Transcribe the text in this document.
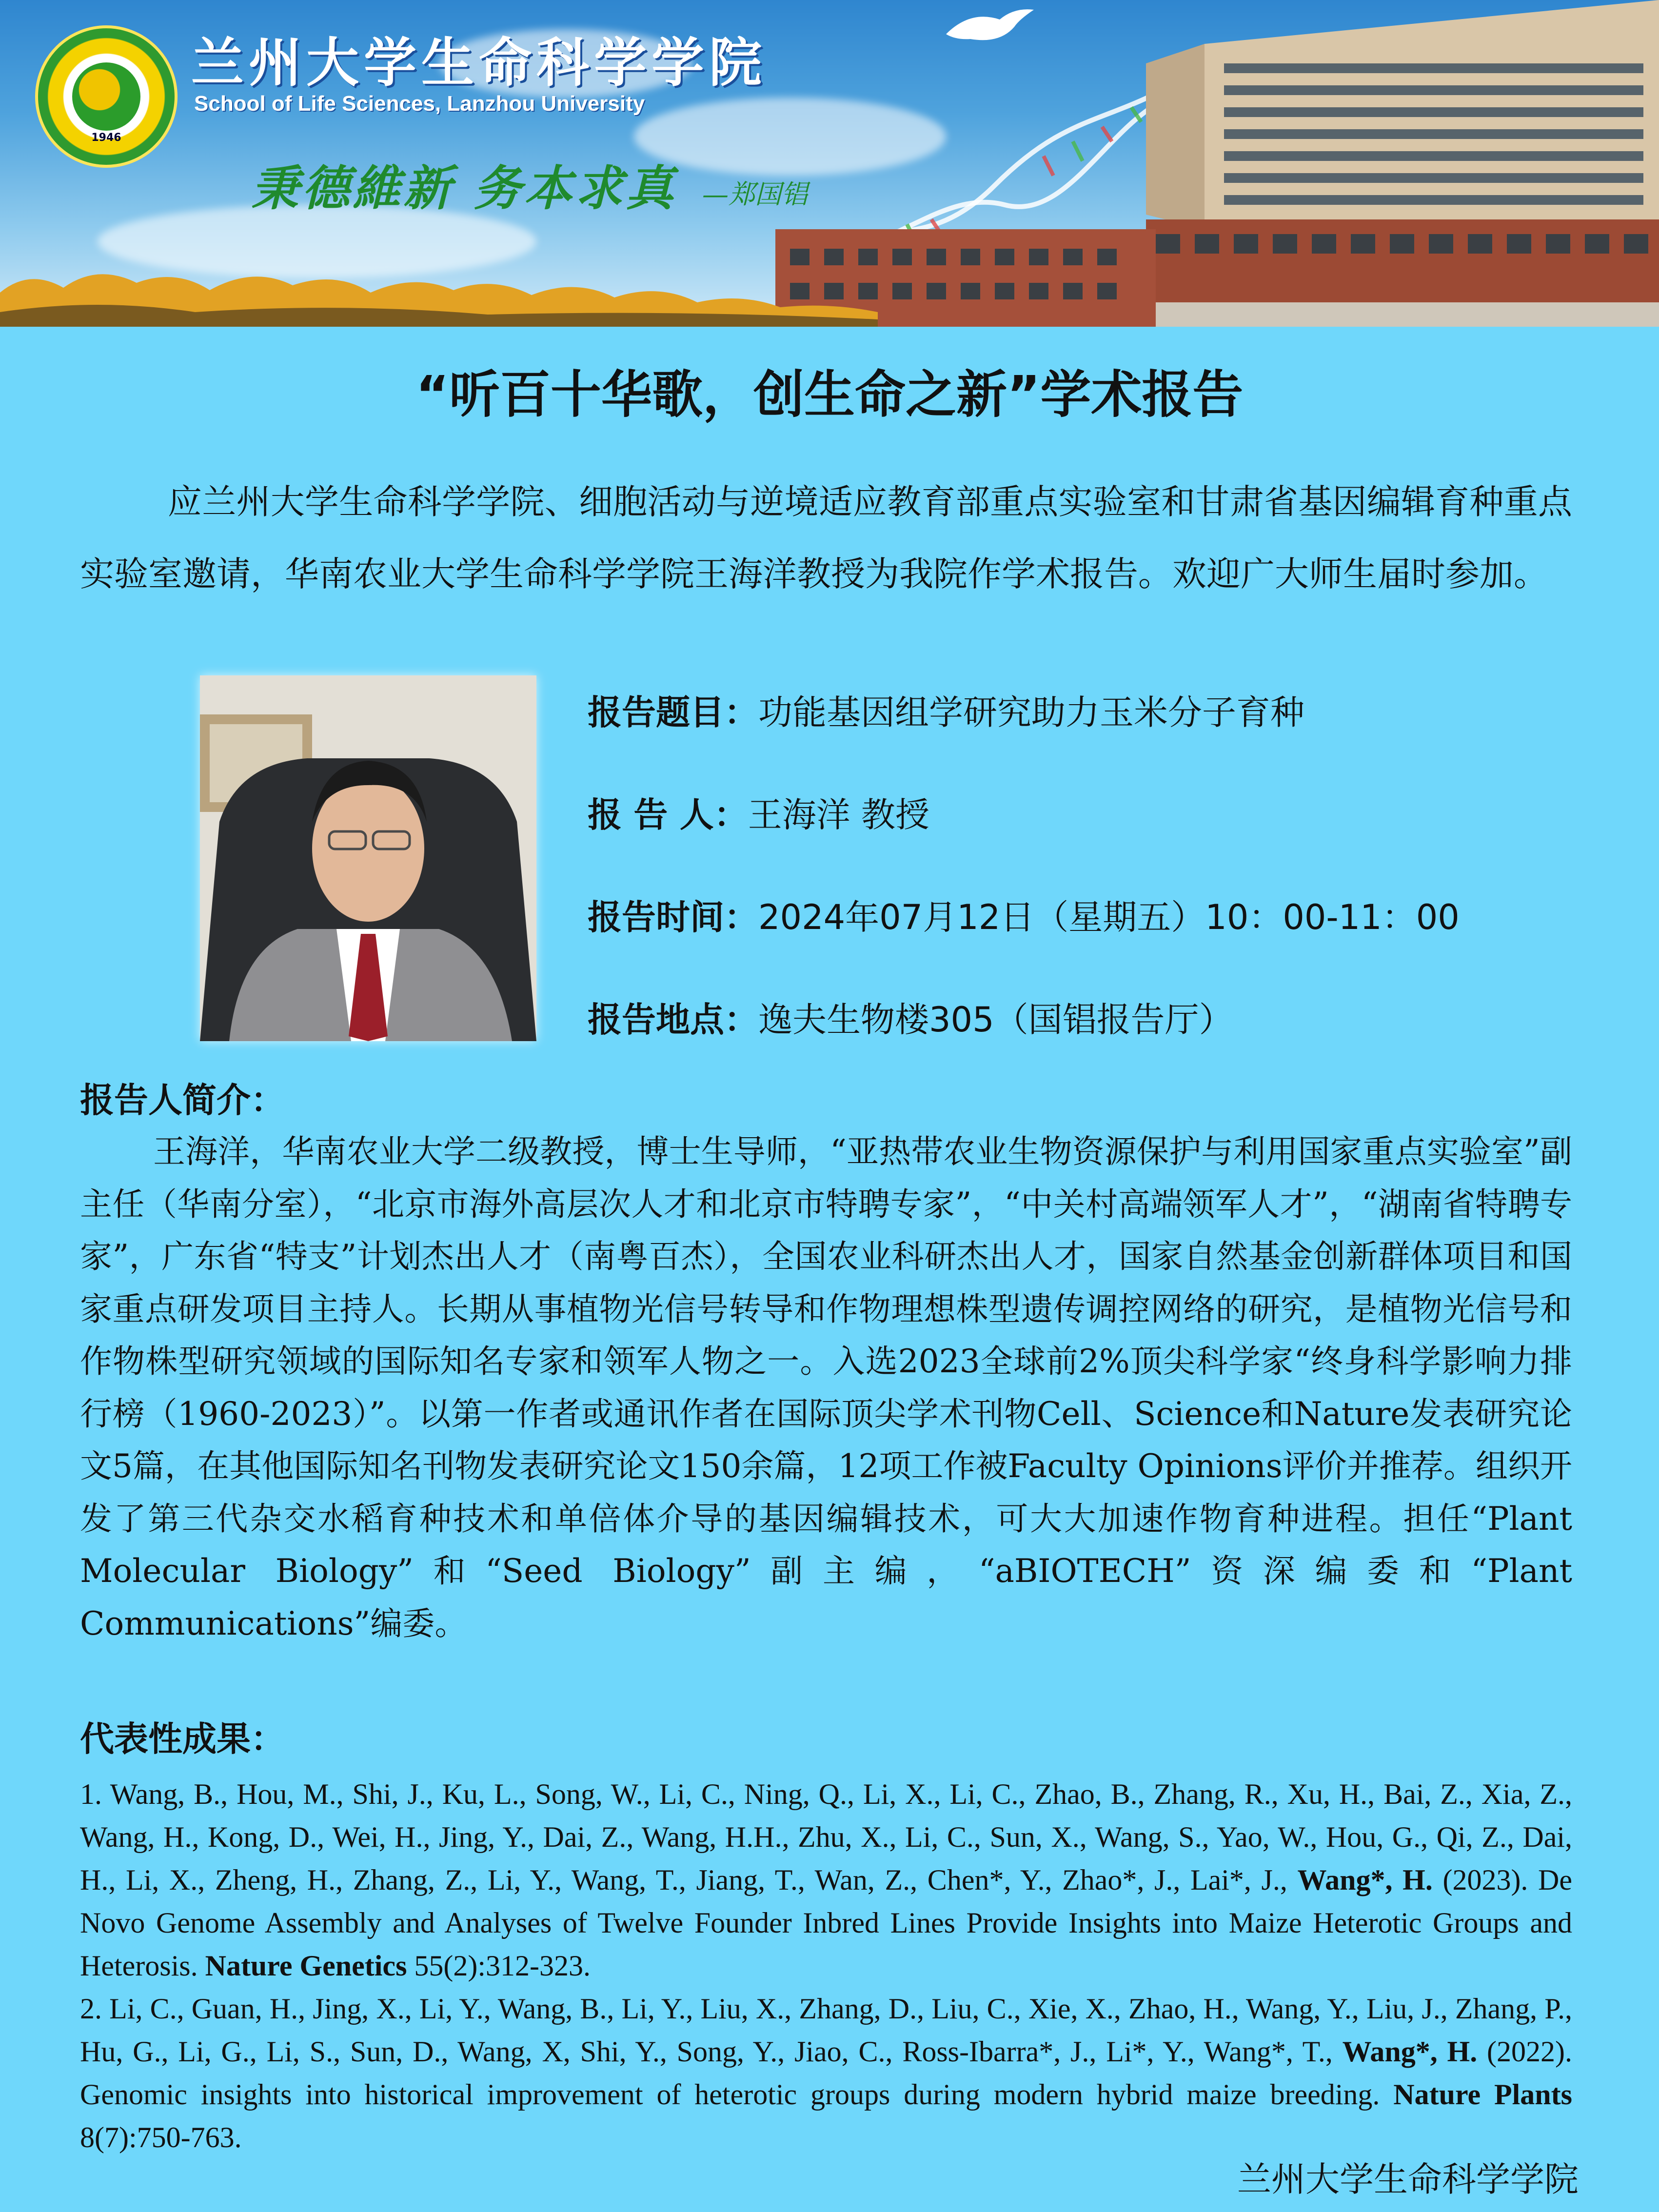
1946
兰州大学生命科学学院
School of Life Sciences, Lanzhou University
秉德維新 务本求真 —郑国锠
“听百十华歌，创生命之新”学术报告
应兰州大学生命科学学院、细胞活动与逆境适应教育部重点实验室和甘肃省基因编辑育种重点实验室邀请，华南农业大学生命科学学院王海洋教授为我院作学术报告。欢迎广大师生届时参加。
报告题目：功能基因组学研究助力玉米分子育种
报 告 人：王海洋 教授
报告时间：2024年07月12日（星期五）10：00-11：00
报告地点：逸夫生物楼305（国锠报告厅）
报告人简介：
王海洋，华南农业大学二级教授，博士生导师，“亚热带农业生物资源保护与利用国家重点实验室”副主任（华南分室），“北京市海外高层次人才和北京市特聘专家”，“中关村高端领军人才”，“湖南省特聘专家”，广东省“特支”计划杰出人才（南粤百杰），全国农业科研杰出人才，国家自然基金创新群体项目和国家重点研发项目主持人。长期从事植物光信号转导和作物理想株型遗传调控网络的研究，是植物光信号和作物株型研究领域的国际知名专家和领军人物之一。入选2023全球前2%顶尖科学家“终身科学影响力排行榜（1960-2023）”。以第一作者或通讯作者在国际顶尖学术刊物Cell、Science和Nature发表研究论文5篇，在其他国际知名刊物发表研究论文150余篇，12项工作被Faculty Opinions评价并推荐。组织开发了第三代杂交水稻育种技术和单倍体介导的基因编辑技术，可大大加速作物育种进程。担任“Plant Molecular Biology”和“Seed Biology”副主编，“aBIOTECH”资深编委和“Plant Communications”编委。
代表性成果：

1. Wang, B., Hou, M., Shi, J., Ku, L., Song, W., Li, C., Ning, Q., Li, X., Li, C., Zhao, B., Zhang, R., Xu, H., Bai, Z., Xia, Z., Wang, H., Kong, D., Wei, H., Jing, Y., Dai, Z., Wang, H.H., Zhu, X., Li, C., Sun, X., Wang, S., Yao, W., Hou, G., Qi, Z., Dai, H., Li, X., Zheng, H., Zhang, Z., Li, Y., Wang, T., Jiang, T., Wan, Z., Chen*, Y., Zhao*, J., Lai*, J., Wang*, H. (2023). De Novo Genome Assembly and Analyses of Twelve Founder Inbred Lines Provide Insights into Maize Heterotic Groups and Heterosis. Nature Genetics 55(2):312-323.

2. Li, C., Guan, H., Jing, X., Li, Y., Wang, B., Li, Y., Liu, X., Zhang, D., Liu, C., Xie, X., Zhao, H., Wang, Y., Liu, J., Zhang, P., Hu, G., Li, G., Li, S., Sun, D., Wang, X, Shi, Y., Song, Y., Jiao, C., Ross-Ibarra*, J., Li*, Y., Wang*, T., Wang*, H. (2022). Genomic insights into historical improvement of heterotic groups during modern hybrid maize breeding. Nature Plants 8(7):750-763.

兰州大学生命科学学院
